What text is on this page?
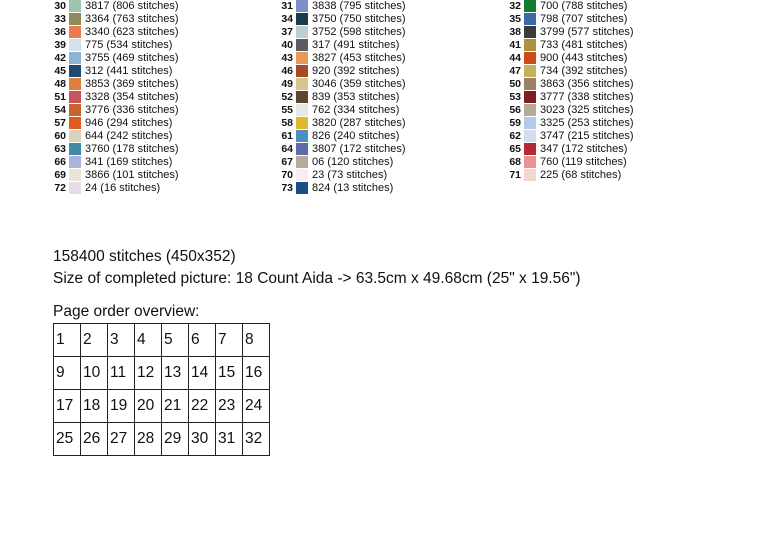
30 3817 (806 stitches)
33 3364 (763 stitches)
36 3340 (623 stitches)
39 775 (534 stitches)
42 3755 (469 stitches)
45 312 (441 stitches)
48 3853 (369 stitches)
51 3328 (354 stitches)
54 3776 (336 stitches)
57 946 (294 stitches)
60 644 (242 stitches)
63 3760 (178 stitches)
66 341 (169 stitches)
69 3866 (101 stitches)
72 24 (16 stitches)
31 3838 (795 stitches)
34 3750 (750 stitches)
37 3752 (598 stitches)
40 317 (491 stitches)
43 3827 (453 stitches)
46 920 (392 stitches)
49 3046 (359 stitches)
52 839 (353 stitches)
55 762 (334 stitches)
58 3820 (287 stitches)
61 826 (240 stitches)
64 3807 (172 stitches)
67 06 (120 stitches)
70 23 (73 stitches)
73 824 (13 stitches)
32 700 (788 stitches)
35 798 (707 stitches)
38 3799 (577 stitches)
41 733 (481 stitches)
44 900 (443 stitches)
47 734 (392 stitches)
50 3863 (356 stitches)
53 3777 (338 stitches)
56 3023 (325 stitches)
59 3325 (253 stitches)
62 3747 (215 stitches)
65 347 (172 stitches)
68 760 (119 stitches)
71 225 (68 stitches)
158400 stitches (450x352)
Size of completed picture: 18 Count Aida -> 63.5cm x 49.68cm (25" x 19.56")
Page order overview:
1	2	3	4	5	6	7	8
9	10	11	12	13	14	15	16
17	18	19	20	21	22	23	24
25	26	27	28	29	30	31	32
